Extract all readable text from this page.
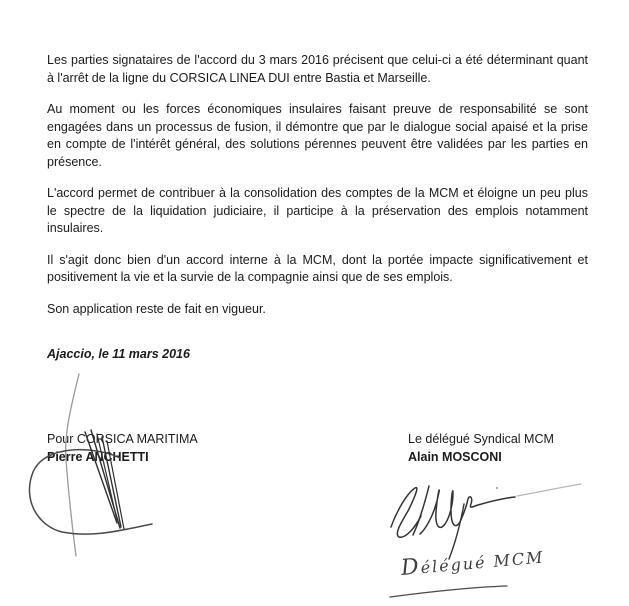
Les parties signataires de l'accord du 3 mars 2016 précisent que celui-ci a été déterminant quant à l'arrêt de la ligne du CORSICA LINEA DUI entre Bastia et Marseille.

Au moment ou les forces économiques insulaires faisant preuve de responsabilité se sont engagées dans un processus de fusion, il démontre que par le dialogue social apaisé et la prise en compte de l'intérêt général, des solutions pérennes peuvent être validées par les parties en présence.

L'accord permet de contribuer à la consolidation des comptes de la MCM et éloigne un peu plus le spectre de la liquidation judiciaire, il participe à la préservation des emplois notamment insulaires.

Il s'agit donc bien d'un accord interne à la MCM, dont la portée impacte significativement et positivement la vie et la survie de la compagnie ainsi que de ses emplois.

Son application reste de fait en vigueur.

Ajaccio, le 11 mars 2016
Pour CORSICA MARITIMA
Pierre ANCHETTI
Le délégué Syndical MCM
Alain MOSCONI
Délégué MCM
